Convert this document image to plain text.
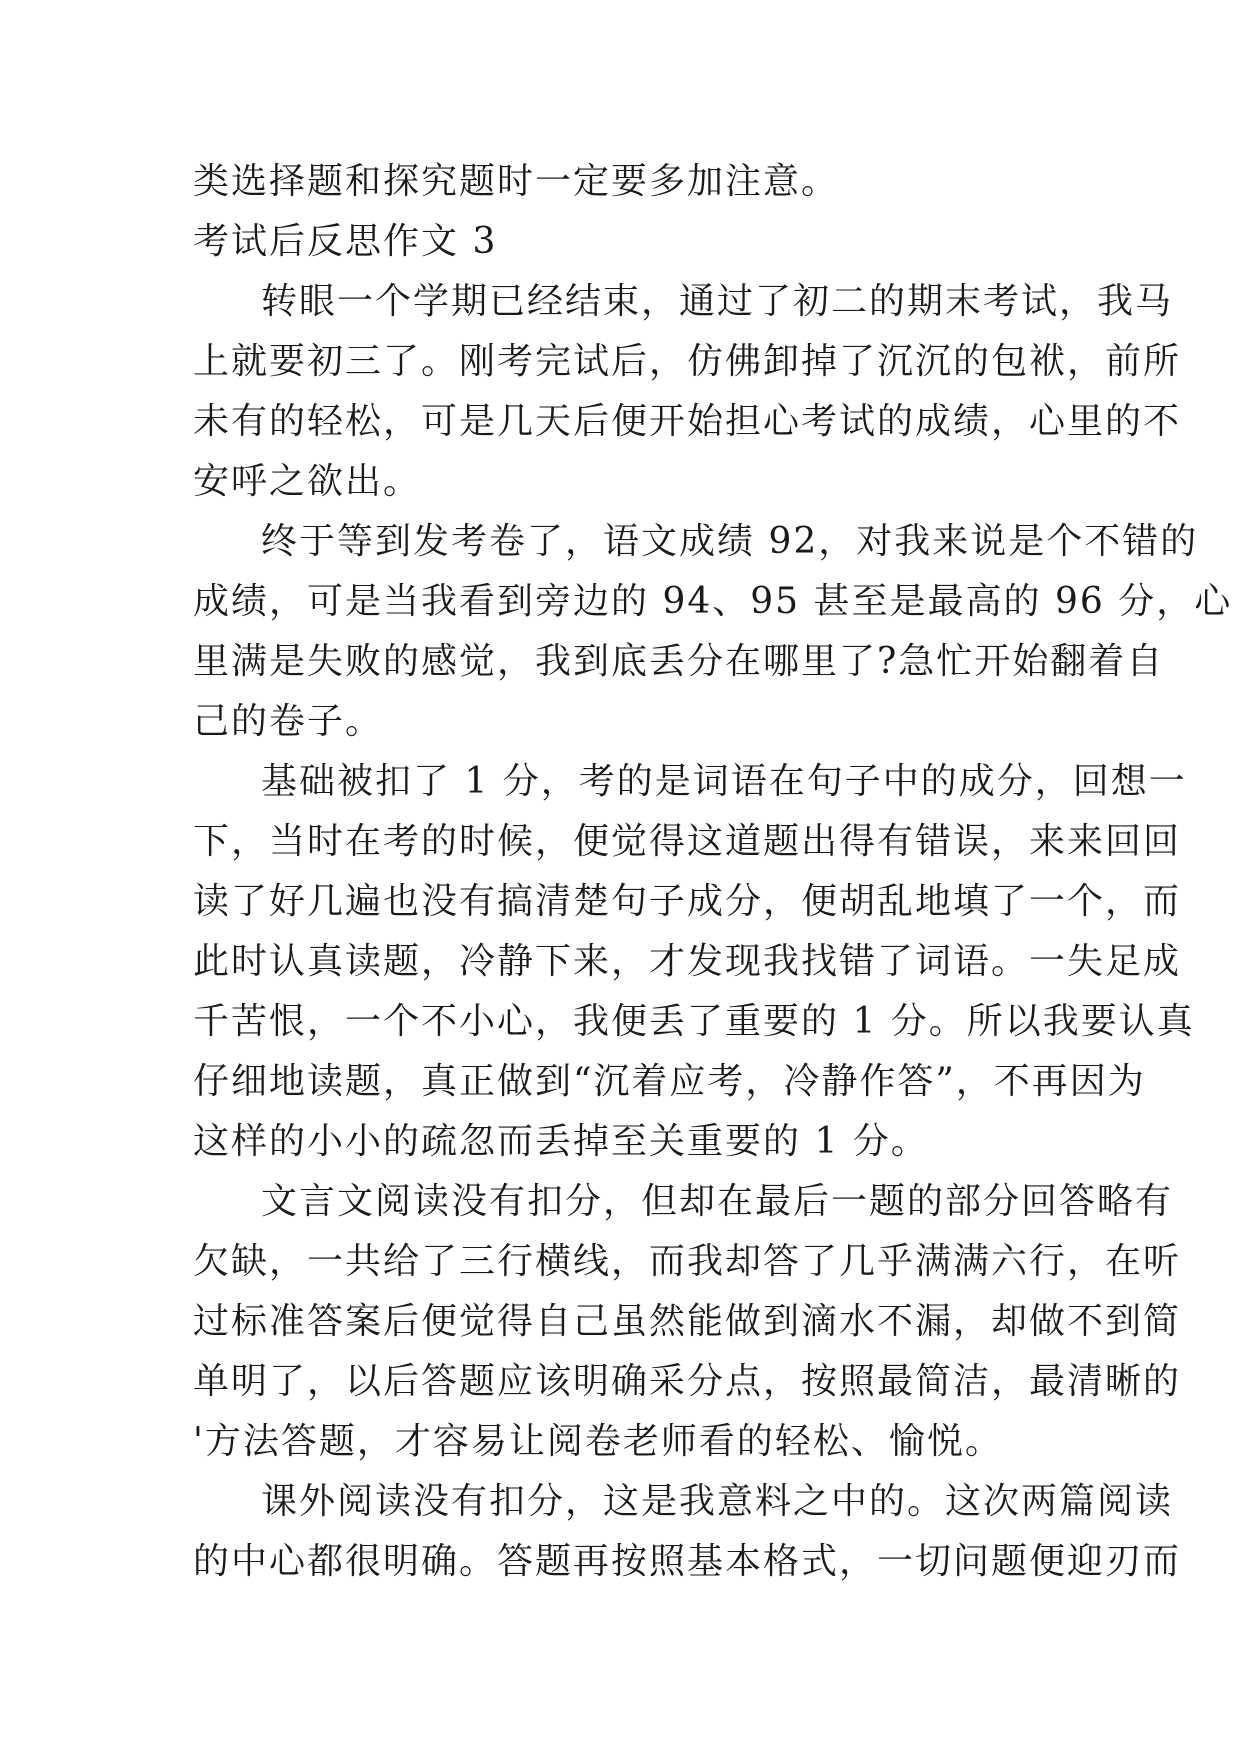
类选择题和探究题时一定要多加注意。
考试后反思作文 3
转眼一个学期已经结束，通过了初二的期末考试，我马
上就要初三了。刚考完试后，仿佛卸掉了沉沉的包袱，前所
未有的轻松，可是几天后便开始担心考试的成绩，心里的不
安呼之欲出。
终于等到发考卷了，语文成绩 92，对我来说是个不错的
成绩，可是当我看到旁边的 94、95 甚至是最高的 96 分，心
里满是失败的感觉，我到底丢分在哪里了?急忙开始翻着自
己的卷子。
基础被扣了 1 分，考的是词语在句子中的成分，回想一
下，当时在考的时候，便觉得这道题出得有错误，来来回回
读了好几遍也没有搞清楚句子成分，便胡乱地填了一个，而
此时认真读题，冷静下来，才发现我找错了词语。一失足成
千苦恨，一个不小心，我便丢了重要的 1 分。所以我要认真
仔细地读题，真正做到“沉着应考，冷静作答”，不再因为
这样的小小的疏忽而丢掉至关重要的 1 分。
文言文阅读没有扣分，但却在最后一题的部分回答略有
欠缺，一共给了三行横线，而我却答了几乎满满六行，在听
过标准答案后便觉得自己虽然能做到滴水不漏，却做不到简
单明了，以后答题应该明确采分点，按照最简洁，最清晰的
'方法答题，才容易让阅卷老师看的轻松、愉悦。
课外阅读没有扣分，这是我意料之中的。这次两篇阅读
的中心都很明确。答题再按照基本格式，一切问题便迎刃而
